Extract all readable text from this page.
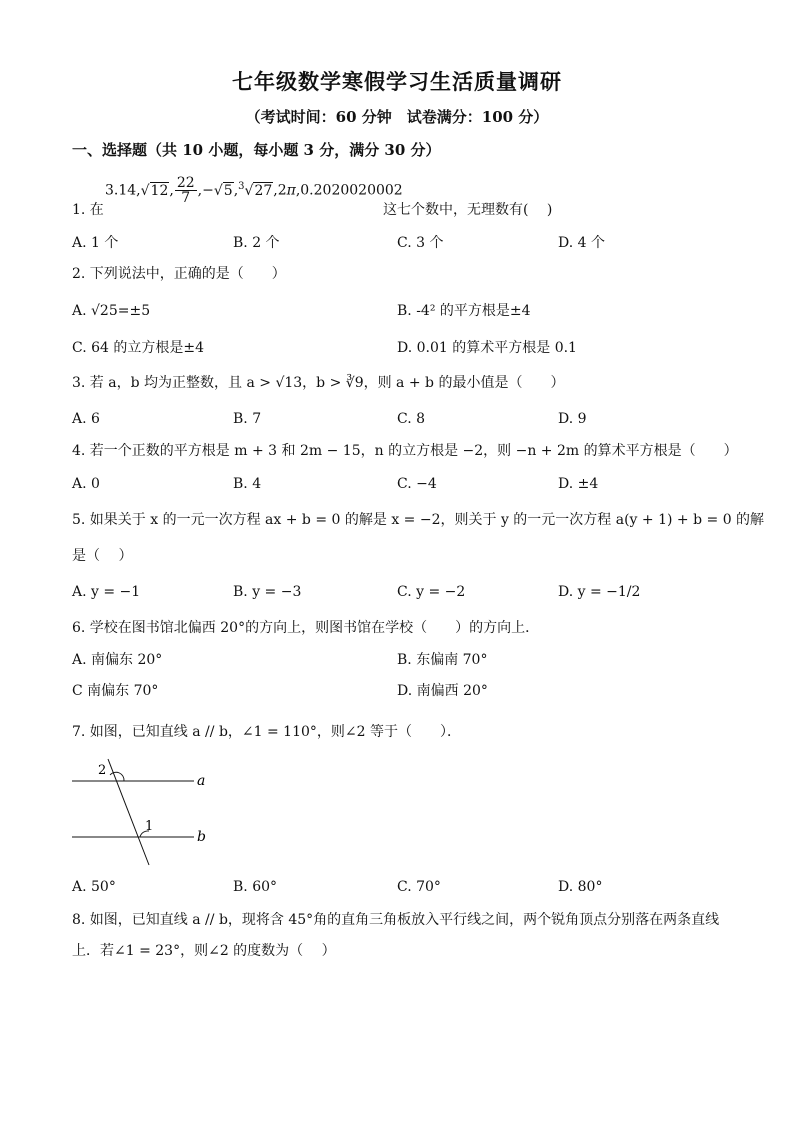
七年级数学寒假学习生活质量调研
（考试时间：60 分钟　试卷满分：100 分）
一、选择题（共 10 小题，每小题 3 分，满分 30 分）
3.14,√12, $\frac{22}{7} ,-√5,^3√27,2\pi,0.2020020002$
1. 在	这七个数中，无理数有(　 )
A. 1 个	B. 2 个	C. 3 个	D. 4 个
2. 下列说法中，正确的是（　　）
A. √25=±5	B. -4² 的平方根是±4
C. 64 的立方根是±4	D. 0.01 的算术平方根是 0.1
3. 若 a，b 均为正整数，且 a > √13，b > ∛9，则 a + b 的最小值是（　　）
A. 6	B. 7	C. 8	D. 9
4. 若一个正数的平方根是 m + 3 和 2m − 15，n 的立方根是 −2，则 −n + 2m 的算术平方根是（　　）
A. 0	B. 4	C. −4	D. ±4
5. 如果关于 x 的一元一次方程 ax + b = 0 的解是 x = −2，则关于 y 的一元一次方程 a(y + 1) + b = 0 的解
是（　 ）
A. y = −1	B. y = −3	C. y = −2	D. y = −1/2
6. 学校在图书馆北偏西 20°的方向上，则图书馆在学校（　　）的方向上．
A. 南偏东 20°	B. 东偏南 70°
C 南偏东 70°	D. 南偏西 20°
7. 如图，已知直线 a // b，∠1 = 110°，则∠2 等于（　　）．
2
1
a
b
A. 50°	B. 60°	C. 70°	D. 80°
8. 如图，已知直线 a // b，现将含 45°角的直角三角板放入平行线之间，两个锐角顶点分别落在两条直线
上．若∠1 = 23°，则∠2 的度数为（　 ）
